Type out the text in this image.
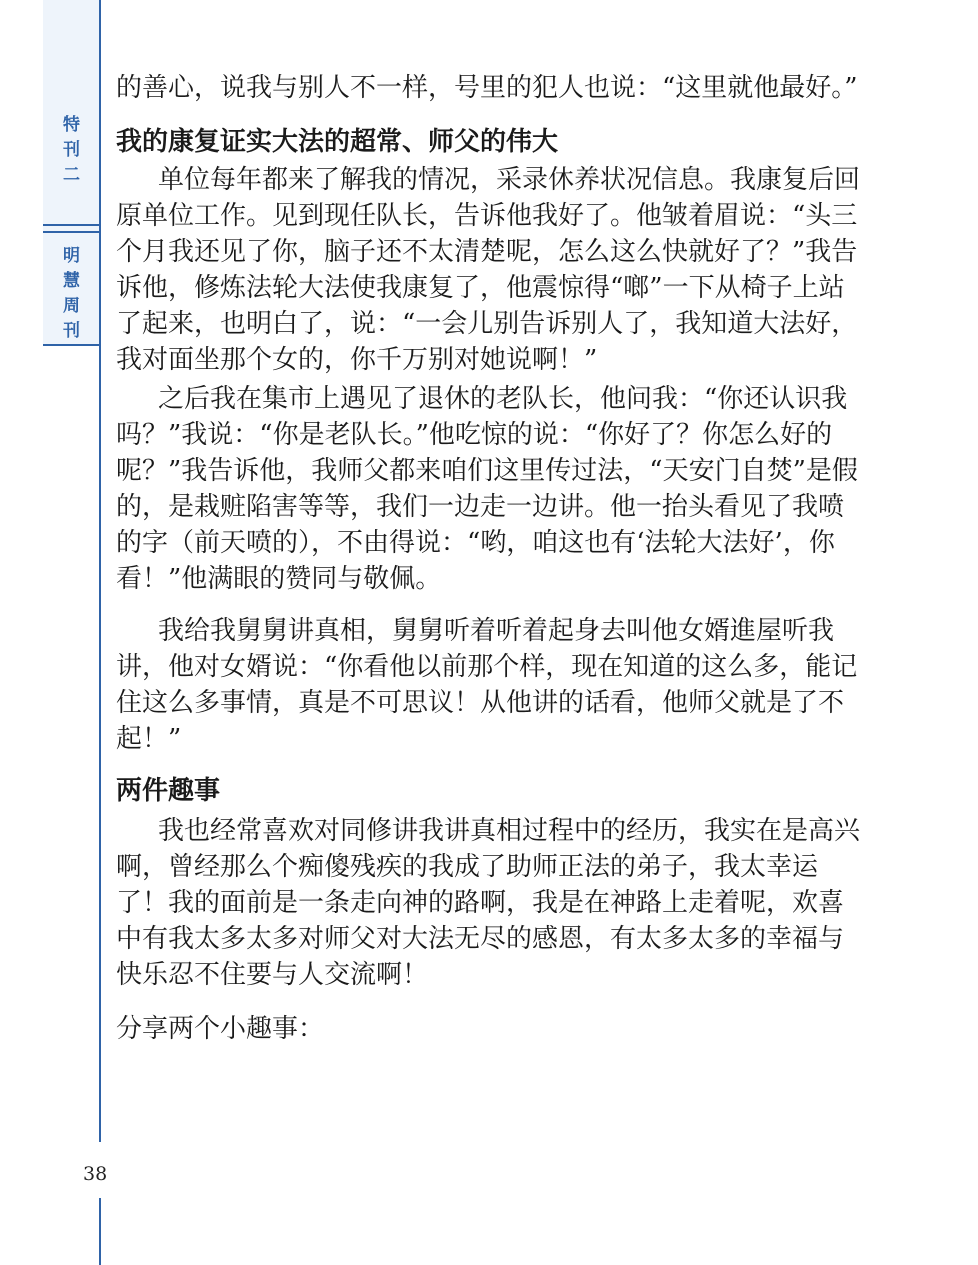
特
刊
二
明
慧
周
刊
38

的善心，说我与别人不一样，号里的犯人也说：“这里就他最好。”

我的康复证实大法的超常、师父的伟大

单位每年都来了解我的情况，采录休养状况信息。我康复后回原单位工作。见到现任队长，告诉他我好了。他皱着眉说：“头三个月我还见了你，脑子还不太清楚呢，怎么这么快就好了？”我告诉他，修炼法轮大法使我康复了，他震惊得“啷”一下从椅子上站了起来，也明白了，说：“一会儿别告诉别人了，我知道大法好，我对面坐那个女的，你千万别对她说啊！”

之后我在集市上遇见了退休的老队长，他问我：“你还认识我吗？”我说：“你是老队长。”他吃惊的说：“你好了？你怎么好的呢？”我告诉他，我师父都来咱们这里传过法，“天安门自焚”是假的，是栽赃陷害等等，我们一边走一边讲。他一抬头看见了我喷的字（前天喷的），不由得说：“哟，咱这也有‘法轮大法好’，你看！”他满眼的赞同与敬佩。

我给我舅舅讲真相，舅舅听着听着起身去叫他女婿進屋听我讲，他对女婿说：“你看他以前那个样，现在知道的这么多，能记住这么多事情，真是不可思议！从他讲的话看，他师父就是了不起！”

两件趣事

我也经常喜欢对同修讲我讲真相过程中的经历，我实在是高兴啊，曾经那么个痴傻残疾的我成了助师正法的弟子，我太幸运了！我的面前是一条走向神的路啊，我是在神路上走着呢，欢喜中有我太多太多对师父对大法无尽的感恩，有太多太多的幸福与快乐忍不住要与人交流啊！

分享两个小趣事：
